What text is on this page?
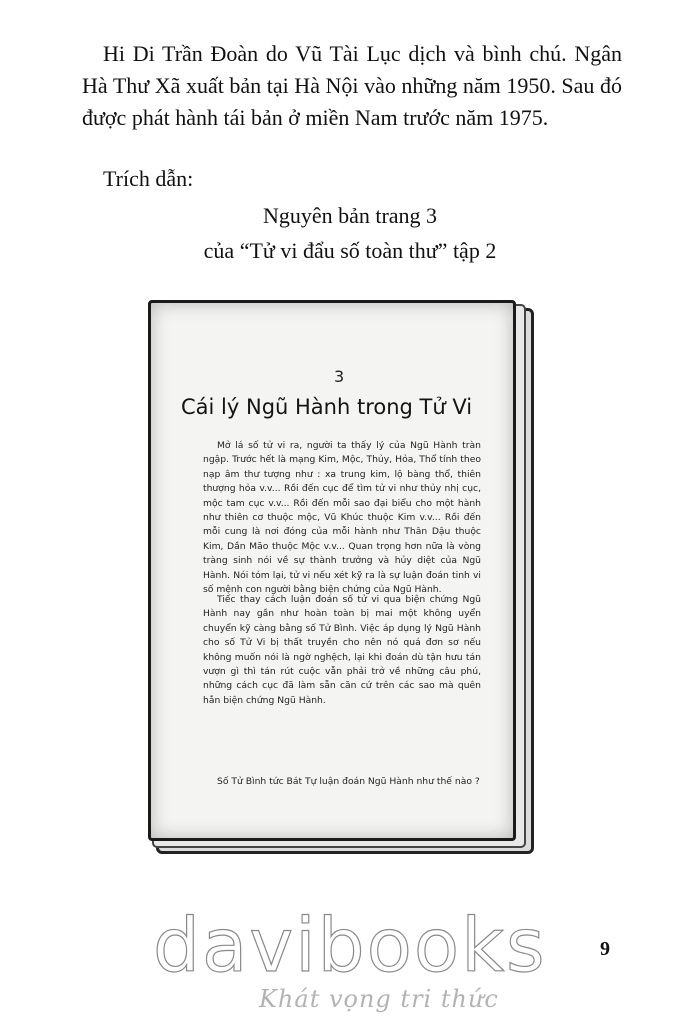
Hi Di Trần Đoàn do Vũ Tài Lục dịch và bình chú. Ngân Hà Thư Xã xuất bản tại Hà Nội vào những năm 1950. Sau đó được phát hành tái bản ở miền Nam trước năm 1975.

Trích dẫn:

Nguyên bản trang 3

của “Tử vi đẩu số toàn thư” tập 2

3
Cái lý Ngũ Hành trong Tử Vi

Mở lá số tử vi ra, người ta thấy lý của Ngũ Hành tràn ngập. Trước hết là mạng Kim, Mộc, Thủy, Hỏa, Thổ tính theo nạp âm thư tượng như : xa trung kim, lộ bàng thổ, thiên thượng hỏa v.v... Rồi đến cục để tìm tử vi như thủy nhị cục, mộc tam cục v.v... Rồi đến mỗi sao đại biểu cho một hành như thiên cơ thuộc mộc, Vũ Khúc thuộc Kim v.v... Rồi đến mỗi cung là nơi đóng của mỗi hành như Thân Dậu thuộc Kim, Dần Mão thuộc Mộc v.v... Quan trọng hơn nữa là vòng tràng sinh nói về sự thành trưởng và hủy diệt của Ngũ Hành. Nói tóm lại, tử vi nếu xét kỹ ra là sự luận đoán tinh vi số mệnh con người bằng biện chứng của Ngũ Hành.

Tiếc thay cách luận đoán số tử vi qua biện chứng Ngũ Hành nay gần như hoàn toàn bị mai một không uyển chuyển kỹ càng bằng số Tử Bình. Việc áp dụng lý Ngũ Hành cho số Tử Vi bị thất truyền cho nên nó quá đơn sơ nếu không muốn nói là ngờ nghệch, lại khi đoán dù tận hưu tán vượn gì thì tán rút cuộc vẫn phải trở về những câu phú, những cách cục đã làm sẵn căn cứ trên các sao mà quên hẳn biện chứng Ngũ Hành.

Số Tử Bình tức Bát Tự luận đoán Ngũ Hành như thế nào ?

9

davibooks

Khát vọng tri thức
